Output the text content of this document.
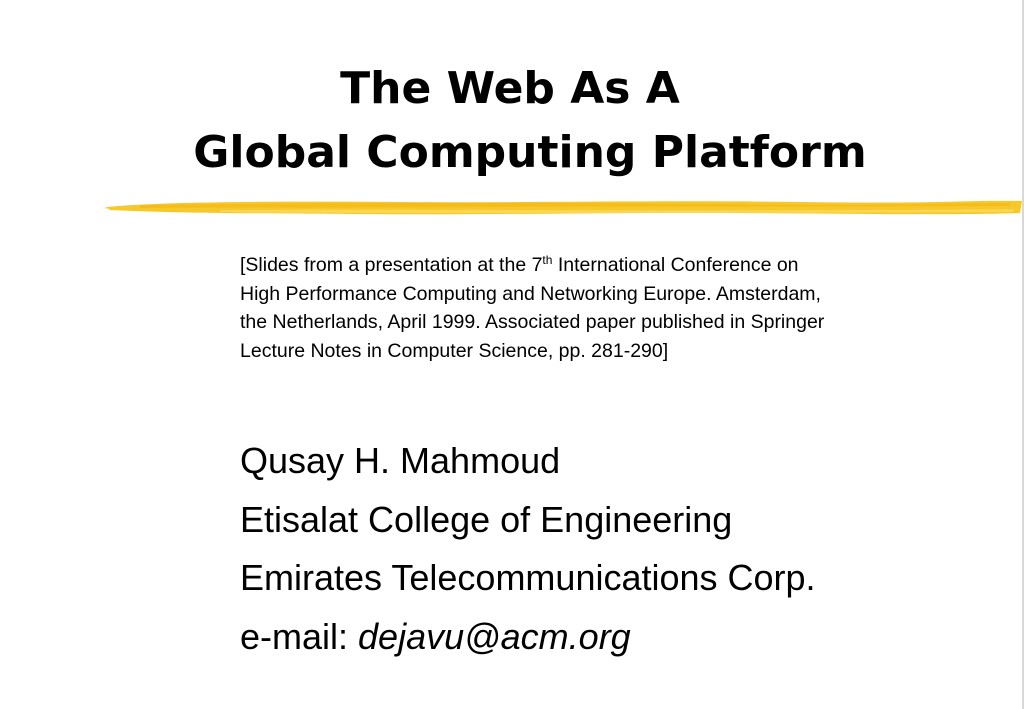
The Web As A
Global Computing Platform
[Slides from a presentation at the 7th International Conference on
High Performance Computing and Networking Europe. Amsterdam,
the Netherlands, April 1999. Associated paper published in Springer
Lecture Notes in Computer Science, pp. 281-290]
Qusay H. Mahmoud
Etisalat College of Engineering
Emirates Telecommunications Corp.
e-mail: dejavu@acm.org
